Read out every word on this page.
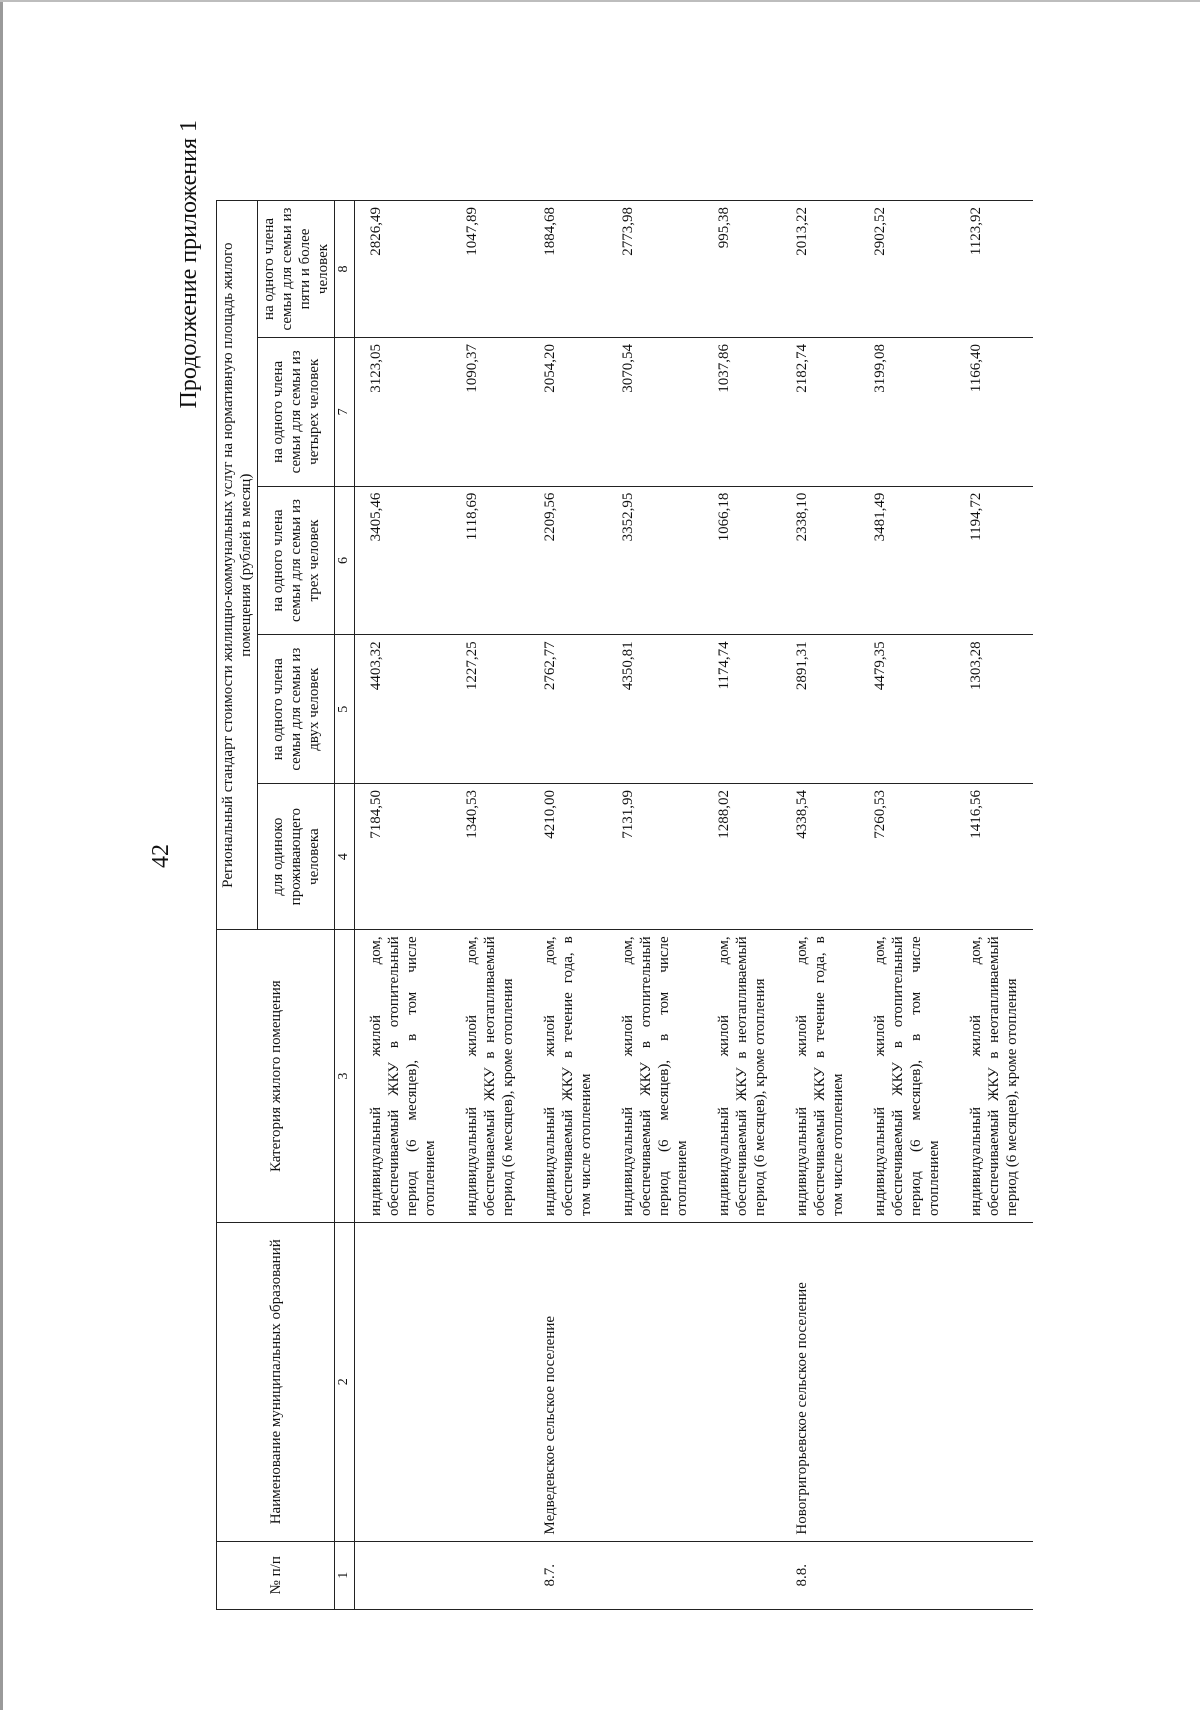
42
Продолжение приложения 1
№ п/п	Наименование муниципальных образований	Категория жилого помещения	Региональный стандарт стоимости жилищно-коммунальных услуг на нормативную площадь жилого помещения (рублей в месяц)				
			для одиноко проживающего человека	на одного члена семьи для семьи из двух человек	на одного члена семьи для семьи из трех человек	на одного члена семьи для семьи из четырех человек	на одного члена семьи для семьи из пяти и более человек
1	2	3	4	5	6	7	8
		индивидуальный жилой дом, обеспечиваемый ЖКУ в отопительный период (6 месяцев), в том числе отоплением	7184,50	4403,32	3405,46	3123,05	2826,49
		индивидуальный жилой дом, обеспечиваемый ЖКУ в неотапливаемый период (6 месяцев), кроме отопления	1340,53	1227,25	1118,69	1090,37	1047,89
8.7.	Медведевское сельское поселение	индивидуальный жилой дом, обеспечиваемый ЖКУ в течение года, в том числе отоплением	4210,00	2762,77	2209,56	2054,20	1884,68
		индивидуальный жилой дом, обеспечиваемый ЖКУ в отопительный период (6 месяцев), в том числе отоплением	7131,99	4350,81	3352,95	3070,54	2773,98
		индивидуальный жилой дом, обеспечиваемый ЖКУ в неотапливаемый период (6 месяцев), кроме отопления	1288,02	1174,74	1066,18	1037,86	995,38
8.8.	Новогригорьевское сельское поселение	индивидуальный жилой дом, обеспечиваемый ЖКУ в течение года, в том числе отоплением	4338,54	2891,31	2338,10	2182,74	2013,22
		индивидуальный жилой дом, обеспечиваемый ЖКУ в отопительный период (6 месяцев), в том числе отоплением	7260,53	4479,35	3481,49	3199,08	2902,52
		индивидуальный жилой дом, обеспечиваемый ЖКУ в неотапливаемый период (6 месяцев), кроме отопления	1416,56	1303,28	1194,72	1166,40	1123,92
